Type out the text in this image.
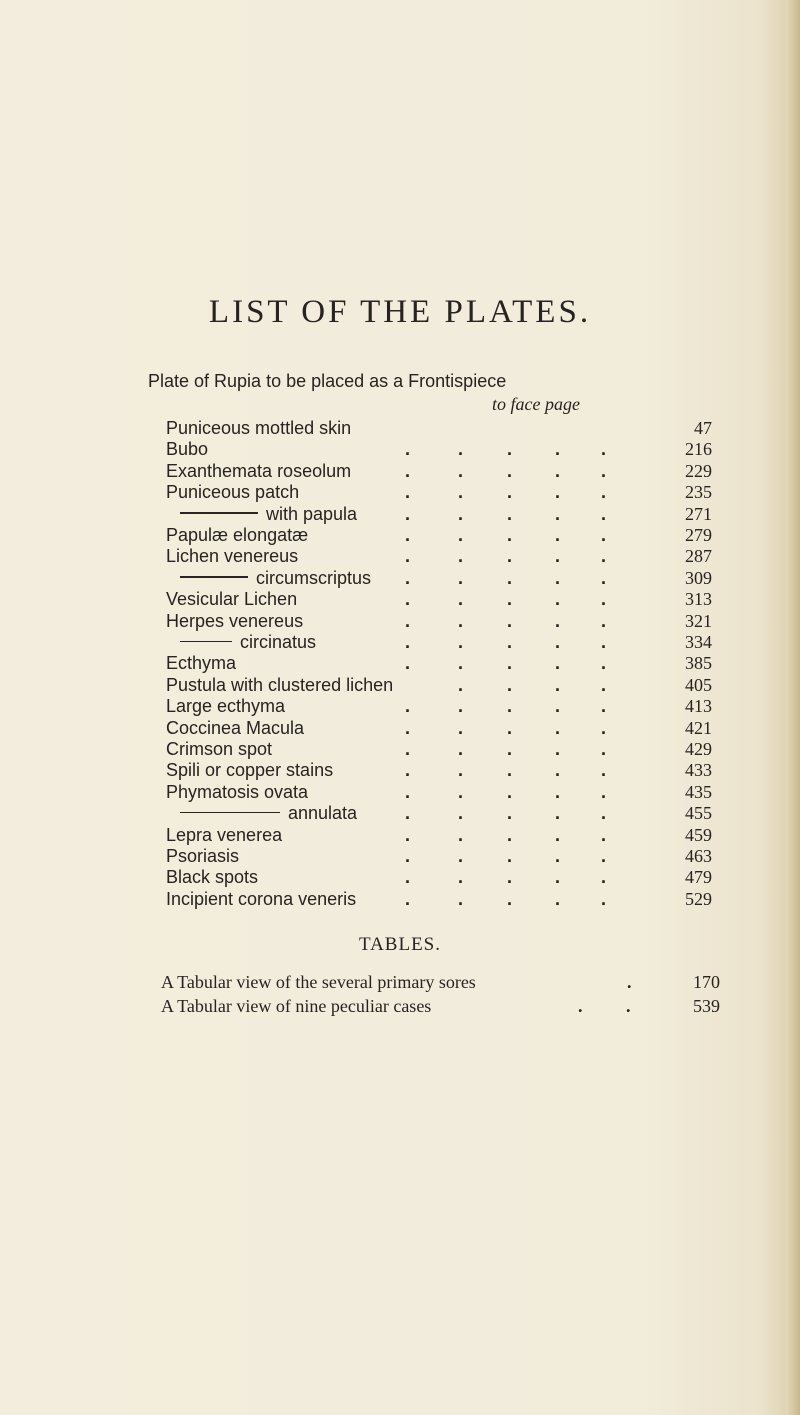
LIST OF THE PLATES.
Plate of Rupia to be placed as a Frontispiece
to face page
Puniceous mottled skin	47
Bubo	.	. . . .	216
Exanthemata roseolum	.	. . . .	229
Puniceous patch	.	. . . .	235
with papula	.	. . . .	271
Papulæ elongatæ	.	. . . .	279
Lichen venereus	.	. . . .	287
circumscriptus .	. . . .	309
Vesicular Lichen	.	. . . .	313
Herpes venereus	.	. . . .	321
circinatus	.	. . . .	334
Ecthyma	.	. . . .	385
Pustula with clustered lichen	. . . .	405
Large ecthyma	.	. . . .	413
Coccinea Macula	.	. . . .	421
Crimson spot	.	. . . .	429
Spili or copper stains	.	. . . .	433
Phymatosis ovata	.	. . . .	435
annulata	.	. . . .	455
Lepra venerea	.	. . . .	459
Psoriasis	.	. . . .	463
Black spots	.	. . . .	479
Incipient corona veneris	.	. . . .	529
TABLES.
A Tabular view of the several primary sores	.	170
A Tabular view of nine peculiar cases	. .	539
